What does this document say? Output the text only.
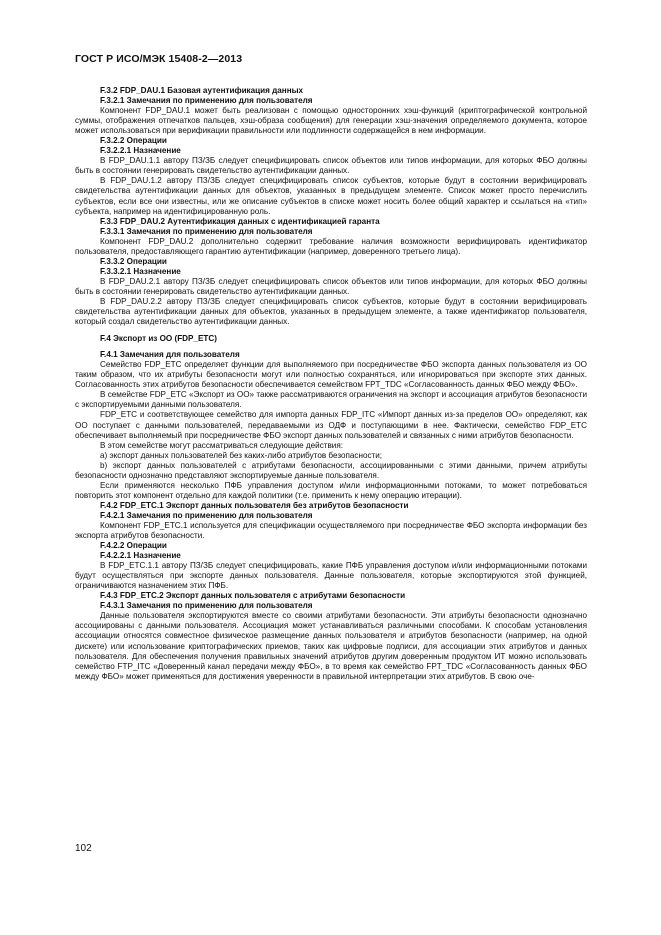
ГОСТ Р ИСО/МЭК 15408-2—2013

F.3.2 FDP_DAU.1 Базовая аутентификация данных

F.3.2.1 Замечания по применению для пользователя

Компонент FDP_DAU.1 может быть реализован с помощью односторонних хэш-функций (криптографической контрольной суммы, отображения отпечатков пальцев, хэш-образа сообщения) для генерации хэш-значения определяемого документа, которое может использоваться при верификации правильности или подлинности содержащейся в нем информации.

F.3.2.2 Операции

F.3.2.2.1 Назначение

В FDP_DAU.1.1 автору ПЗ/ЗБ следует специфицировать список объектов или типов информации, для которых ФБО должны быть в состоянии генерировать свидетельство аутентификации данных.

В FDP_DAU.1.2 автору ПЗ/ЗБ следует специфицировать список субъектов, которые будут в состоянии верифицировать свидетельства аутентификации данных для объектов, указанных в предыдущем элементе. Список может просто перечислить субъектов, если все они известны, или же описание субъектов в списке может носить более общий характер и ссылаться на «тип» субъекта, например на идентифицированную роль.

F.3.3 FDP_DAU.2 Аутентификация данных с идентификацией гаранта

F.3.3.1 Замечания по применению для пользователя

Компонент FDP_DAU.2 дополнительно содержит требование наличия возможности верифицировать идентификатор пользователя, предоставляющего гарантию аутентификации (например, доверенного третьего лица).

F.3.3.2 Операции

F.3.3.2.1 Назначение

В FDP_DAU.2.1 автору ПЗ/ЗБ следует специфицировать список объектов или типов информации, для которых ФБО должны быть в состоянии генерировать свидетельство аутентификации данных.

В FDP_DAU.2.2 автору ПЗ/ЗБ следует специфицировать список субъектов, которые будут в состоянии верифицировать свидетельства аутентификации данных для объектов, указанных в предыдущем элементе, а также идентификатор пользователя, который создал свидетельство аутентификации данных.

F.4 Экспорт из ОО (FDP_ETC)

F.4.1 Замечания для пользователя

Семейство FDP_ETC определяет функции для выполняемого при посредничестве ФБО экспорта данных пользователя из ОО таким образом, что их атрибуты безопасности могут или полностью сохраняться, или игнорироваться при экспорте этих данных. Согласованность этих атрибутов безопасности обеспечивается семейством FPT_TDC «Согласованность данных ФБО между ФБО».

В семействе FDP_ETC «Экспорт из ОО» также рассматриваются ограничения на экспорт и ассоциация атрибутов безопасности с экспортируемыми данными пользователя.

FDP_ETC и соответствующее семейство для импорта данных FDP_ITC «Импорт данных из-за пределов ОО» определяют, как ОО поступает с данными пользователей, передаваемыми из ОДФ и поступающими в нее. Фактически, семейство FDP_ETC обеспечивает выполняемый при посредничестве ФБО экспорт данных пользователей и связанных с ними атрибутов безопасности.

В этом семействе могут рассматриваться следующие действия:

a) экспорт данных пользователей без каких-либо атрибутов безопасности;

b) экспорт данных пользователей с атрибутами безопасности, ассоциированными с этими данными, причем атрибуты безопасности однозначно представляют экспортируемые данные пользователя.

Если применяются несколько ПФБ управления доступом и/или информационными потоками, то может потребоваться повторить этот компонент отдельно для каждой политики (т.е. применить к нему операцию итерации).

F.4.2 FDP_ETC.1 Экспорт данных пользователя без атрибутов безопасности

F.4.2.1 Замечания по применению для пользователя

Компонент FDP_ETC.1 используется для спецификации осуществляемого при посредничестве ФБО экспорта информации без экспорта атрибутов безопасности.

F.4.2.2 Операции

F.4.2.2.1 Назначение

В FDP_ETC.1.1 автору ПЗ/ЗБ следует специфицировать, какие ПФБ управления доступом и/или информационными потоками будут осуществляться при экспорте данных пользователя. Данные пользователя, которые экспортируются этой функцией, ограничиваются назначением этих ПФБ.

F.4.3 FDP_ETC.2 Экспорт данных пользователя с атрибутами безопасности

F.4.3.1 Замечания по применению для пользователя

Данные пользователя экспортируются вместе со своими атрибутами безопасности. Эти атрибуты безопасности однозначно ассоциированы с данными пользователя. Ассоциация может устанавливаться различными способами. К способам установления ассоциации относятся совместное физическое размещение данных пользователя и атрибутов безопасности (например, на одной дискете) или использование криптографических приемов, таких как цифровые подписи, для ассоциации этих атрибутов и данных пользователя. Для обеспечения получения правильных значений атрибутов другим доверенным продуктом ИТ можно использовать семейство FTP_ITC «Доверенный канал передачи между ФБО», в то время как семейство FPT_TDC «Согласованность данных ФБО между ФБО» может применяться для достижения уверенности в правильной интерпретации этих атрибутов. В свою оче-

102
